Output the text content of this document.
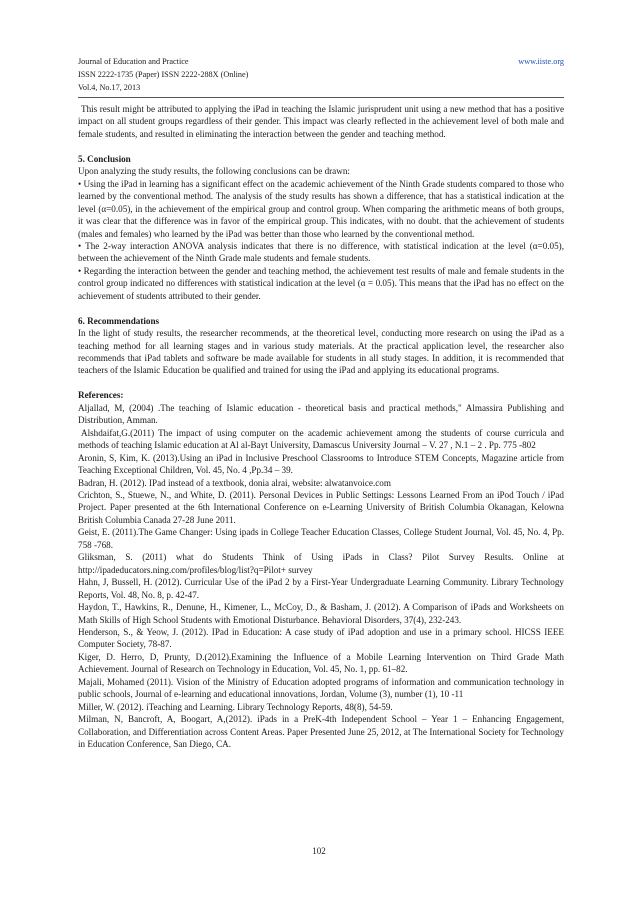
Journal of Education and Practice
ISSN 2222-1735 (Paper) ISSN 2222-288X (Online)
Vol.4, No.17, 2013
www.iiste.org

This result might be attributed to applying the iPad in teaching the Islamic jurisprudent unit using a new method that has a positive impact on all student groups regardless of their gender. This impact was clearly reflected in the achievement level of both male and female students, and resulted in eliminating the interaction between the gender and teaching method.

5. Conclusion

Upon analyzing the study results, the following conclusions can be drawn:

• Using the iPad in learning has a significant effect on the academic achievement of the Ninth Grade students compared to those who learned by the conventional method. The analysis of the study results has shown a difference, that has a statistical indication at the level (α=0.05), in the achievement of the empirical group and control group. When comparing the arithmetic means of both groups, it was clear that the difference was in favor of the empirical group. This indicates, with no doubt. that the achievement of students (males and females) who learned by the iPad was better than those who learned by the conventional method.

• The 2-way interaction ANOVA analysis indicates that there is no difference, with statistical indication at the level (α=0.05), between the achievement of the Ninth Grade male students and female students.

• Regarding the interaction between the gender and teaching method, the achievement test results of male and female students in the control group indicated no differences with statistical indication at the level (α = 0.05). This means that the iPad has no effect on the achievement of students attributed to their gender.

6. Recommendations

In the light of study results, the researcher recommends, at the theoretical level, conducting more research on using the iPad as a teaching method for all learning stages and in various study materials. At the practical application level, the researcher also recommends that iPad tablets and software be made available for students in all study stages. In addition, it is recommended that teachers of the Islamic Education be qualified and trained for using the iPad and applying its educational programs.

References:

Aljallad, M, (2004) .The teaching of Islamic education - theoretical basis and practical methods," Almassira Publishing and Distribution, Amman.

Alshdaifat,G.(2011) The impact of using computer on the academic achievement among the students of course curricula and methods of teaching Islamic education at Al al-Bayt University, Damascus University Journal – V. 27 , N.1 – 2 . Pp. 775 -802

Aronin, S, Kim, K. (2013).Using an iPad in Inclusive Preschool Classrooms to Introduce STEM Concepts, Magazine article from Teaching Exceptional Children, Vol. 45, No. 4 ,Pp.34 – 39.

Badran, H. (2012). IPad instead of a textbook, donia alrai, website: alwatanvoice.com

Crichton, S., Stuewe, N., and White, D. (2011). Personal Devices in Public Settings: Lessons Learned From an iPod Touch / iPad Project. Paper presented at the 6th International Conference on e-Learning University of British Columbia Okanagan, Kelowna British Columbia Canada 27-28 June 2011.

Geist, E. (2011).The Game Changer: Using ipads in College Teacher Education Classes, College Student Journal, Vol. 45, No. 4, Pp. 758 -768.

Gliksman, S. (2011) what do Students Think of Using iPads in Class? Pilot Survey Results. Online at http://ipadeducators.ning.com/profiles/blog/list?q=Pilot+ survey

Hahn, J, Bussell, H. (2012). Curricular Use of the iPad 2 by a First-Year Undergraduate Learning Community. Library Technology Reports, Vol. 48, No. 8, p. 42-47.

Haydon, T., Hawkins, R., Denune, H., Kimener, L., McCoy, D., & Basham, J. (2012). A Comparison of iPads and Worksheets on Math Skills of High School Students with Emotional Disturbance. Behavioral Disorders, 37(4), 232-243.

Henderson, S., & Yeow, J. (2012). IPad in Education: A case study of iPad adoption and use in a primary school. HICSS IEEE Computer Society, 78-87.

Kiger, D. Herro, D, Prunty, D.(2012).Examining the Influence of a Mobile Learning Intervention on Third Grade Math Achievement. Journal of Research on Technology in Education, Vol. 45, No. 1, pp. 61–82.

Majali, Mohamed (2011). Vision of the Ministry of Education adopted programs of information and communication technology in public schools, Journal of e-learning and educational innovations, Jordan, Volume (3), number (1), 10 -11

Miller, W. (2012). iTeaching and Learning. Library Technology Reports, 48(8), 54-59.

Milman, N, Bancroft, A, Boogart, A,(2012). iPads in a PreK-4th Independent School – Year 1 – Enhancing Engagement, Collaboration, and Differentiation across Content Areas. Paper Presented June 25, 2012, at The International Society for Technology in Education Conference, San Diego, CA.

102
